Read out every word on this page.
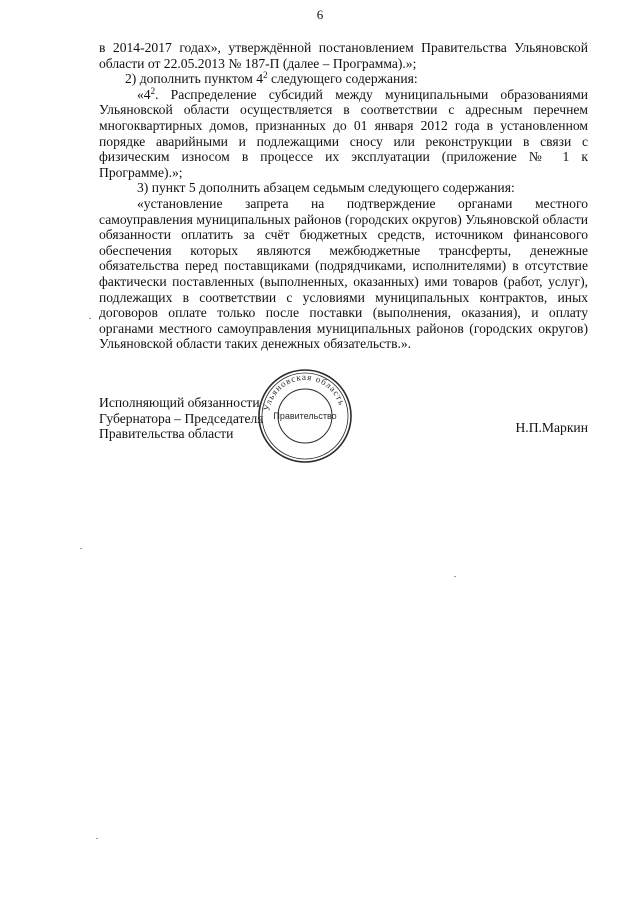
6

в 2014-2017 годах», утверждённой постановлением Правительства Ульяновской области от 22.05.2013 № 187-П (далее – Программа).»;

2) дополнить пунктом $4^2$ следующего содержания:

«$4^2$. Распределение субсидий между муниципальными образованиями Ульяновской области осуществляется в соответствии с адресным перечнем многоквартирных домов, признанных до 01 января 2012 года в установленном порядке аварийными и подлежащими сносу или реконструкции в связи с физическим износом в процессе их эксплуатации (приложение № 1 к Программе).»;

3) пункт 5 дополнить абзацем седьмым следующего содержания:

«установление запрета на подтверждение органами местного самоуправления муниципальных районов (городских округов) Ульяновской области обязанности оплатить за счёт бюджетных средств, источником финансового обеспечения которых являются межбюджетные трансферты, денежные обязательства перед поставщиками (подрядчиками, исполнителями) в отсутствие фактически поставленных (выполненных, оказанных) ими товаров (работ, услуг), подлежащих в соответствии с условиями муниципальных контрактов, иных договоров оплате только после поставки (выполнения, оказания), и оплату органами местного самоуправления муниципальных районов (городских округов) Ульяновской области таких денежных обязательств.».

Исполняющий обязанности
Губернатора – Председателя
Правительства области	Н.П.Маркин
Ульяновская область
Правительство
